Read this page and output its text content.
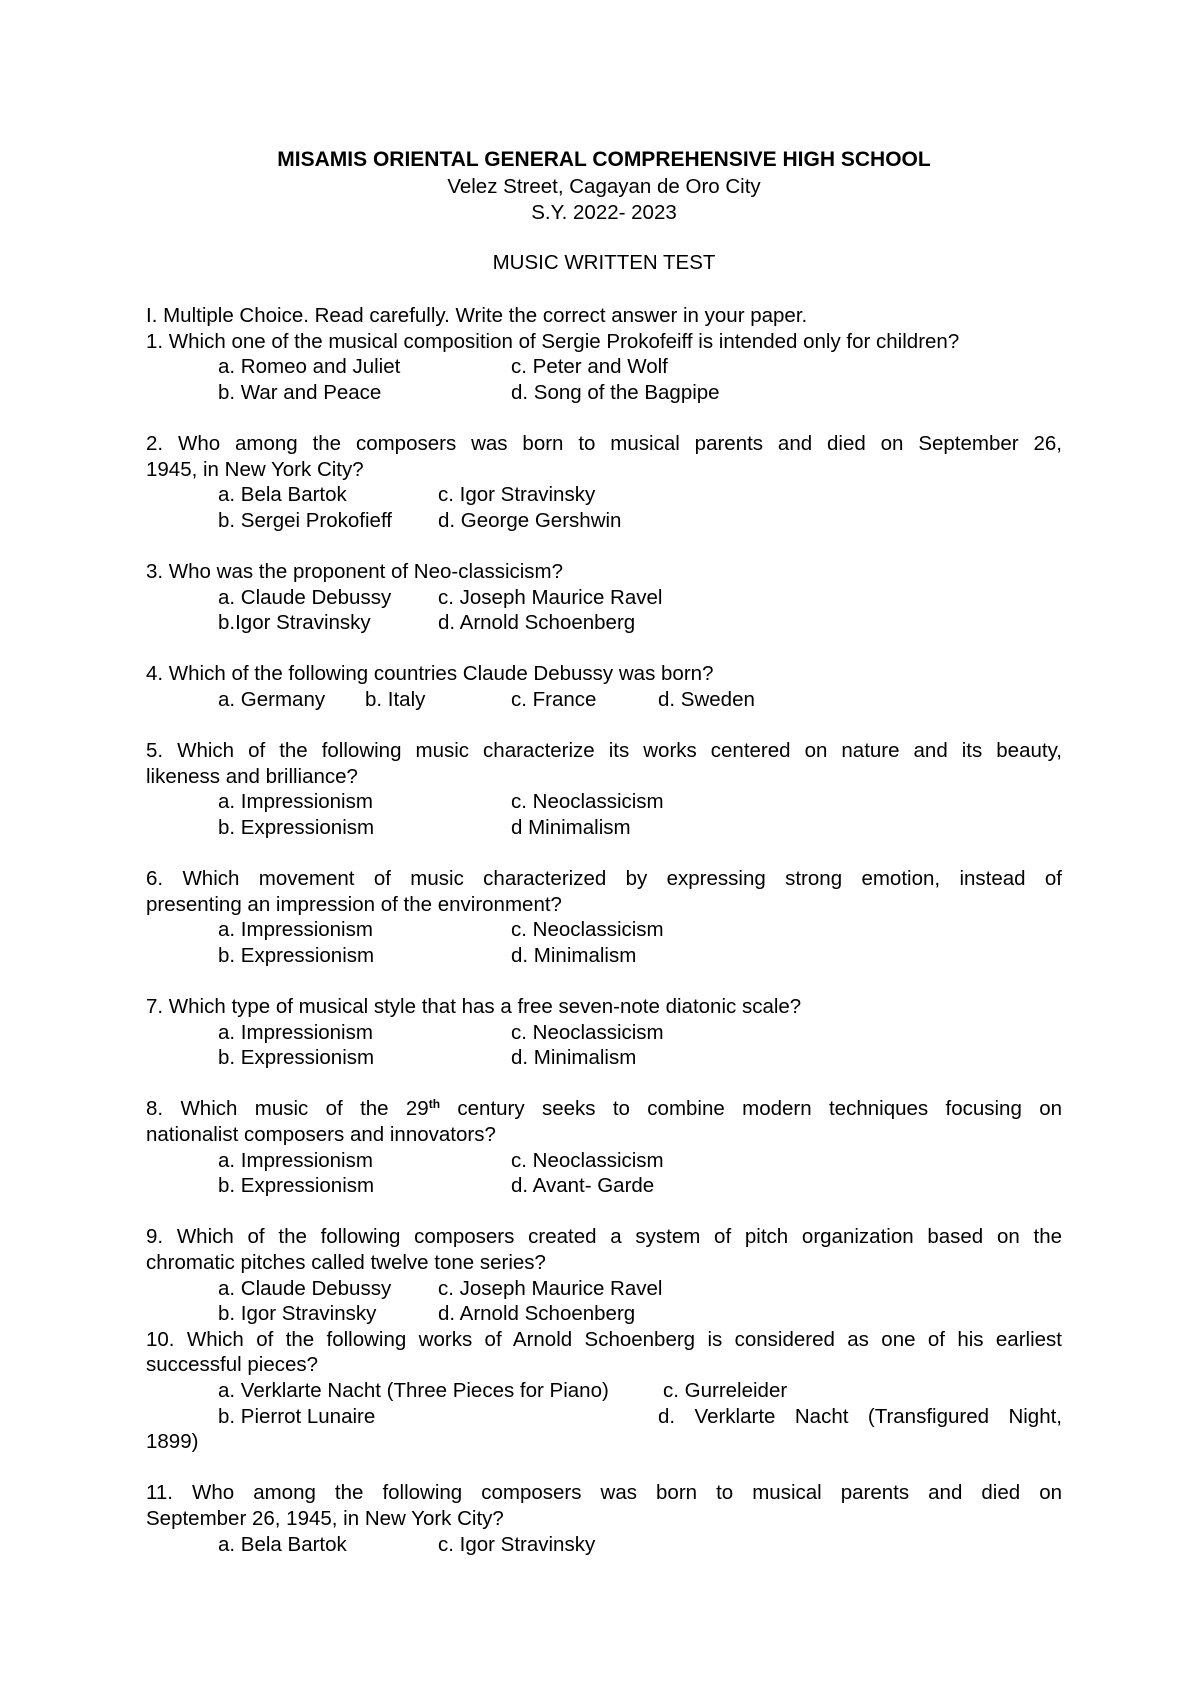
MISAMIS ORIENTAL GENERAL COMPREHENSIVE HIGH SCHOOL
Velez Street, Cagayan de Oro City
S.Y. 2022- 2023
MUSIC WRITTEN TEST
I. Multiple Choice. Read carefully. Write the correct answer in your paper.
1. Which one of the musical composition of Sergie Prokofeiff is intended only for children?
a. Romeo and Juliet	c. Peter and Wolf
b. War and Peace	d. Song of the Bagpipe
2. Who among the composers was born to musical parents and died on September 26,
1945, in New York City?
a. Bela Bartok	c. Igor Stravinsky
b. Sergei Prokofieff d. George Gershwin
3. Who was the proponent of Neo-classicism?
a. Claude Debussy c. Joseph Maurice Ravel
b.Igor Stravinsky	d. Arnold Schoenberg
4. Which of the following countries Claude Debussy was born?
a. Germany b. Italy	c. France	d. Sweden
5. Which of the following music characterize its works centered on nature and its beauty,
likeness and brilliance?
a. Impressionism	c. Neoclassicism
b. Expressionism	d Minimalism
6. Which movement of music characterized by expressing strong emotion, instead of
presenting an impression of the environment?
a. Impressionism	c. Neoclassicism
b. Expressionism	d. Minimalism
7. Which type of musical style that has a free seven-note diatonic scale?
a. Impressionism	c. Neoclassicism
b. Expressionism	d. Minimalism
8. Which music of the 29th century seeks to combine modern techniques focusing on
nationalist composers and innovators?
a. Impressionism	c. Neoclassicism
b. Expressionism	d. Avant- Garde
9. Which of the following composers created a system of pitch organization based on the
chromatic pitches called twelve tone series?
a. Claude Debussy c. Joseph Maurice Ravel
b. Igor Stravinsky	d. Arnold Schoenberg
10. Which of the following works of Arnold Schoenberg is considered as one of his earliest
successful pieces?
a. Verklarte Nacht (Three Pieces for Piano)	c. Gurreleider
b. Pierrot Lunaire	d. Verklarte Nacht (Transfigured Night,
1899)
11. Who among the following composers was born to musical parents and died on
September 26, 1945, in New York City?
a. Bela Bartok	c. Igor Stravinsky
